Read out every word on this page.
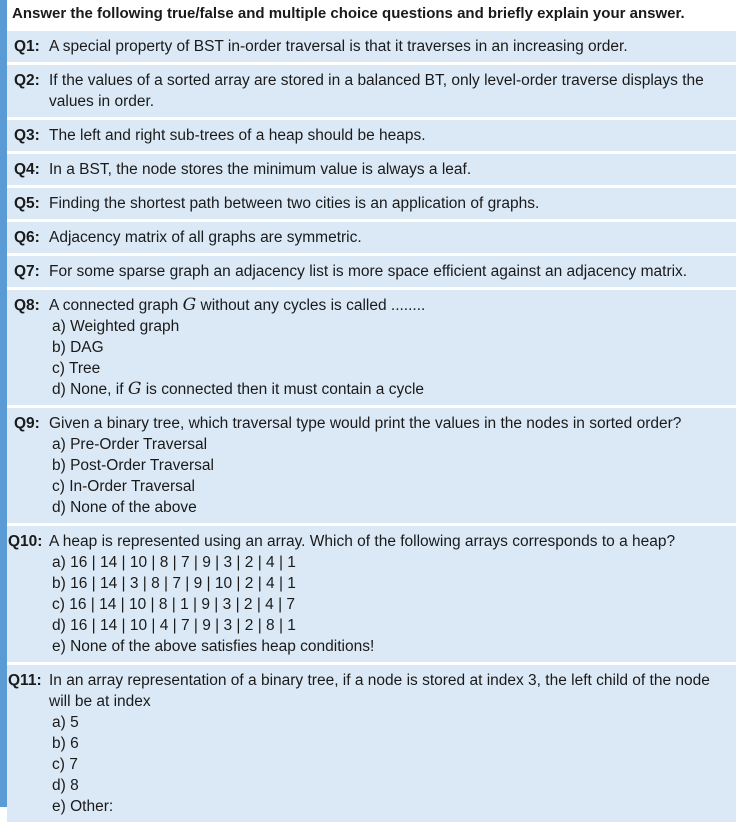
Answer the following true/false and multiple choice questions and briefly explain your answer.
Q1: A special property of BST in-order traversal is that it traverses in an increasing order.
Q2: If the values of a sorted array are stored in a balanced BT, only level-order traverse displays the values in order.
Q3: The left and right sub-trees of a heap should be heaps.
Q4: In a BST, the node stores the minimum value is always a leaf.
Q5: Finding the shortest path between two cities is an application of graphs.
Q6: Adjacency matrix of all graphs are symmetric.
Q7: For some sparse graph an adjacency list is more space efficient against an adjacency matrix.
Q8: A connected graph G without any cycles is called ........
a) Weighted graph
b) DAG
c) Tree
d) None, if G is connected then it must contain a cycle
Q9: Given a binary tree, which traversal type would print the values in the nodes in sorted order?
a) Pre-Order Traversal
b) Post-Order Traversal
c) In-Order Traversal
d) None of the above
Q10: A heap is represented using an array. Which of the following arrays corresponds to a heap?
a) 16 | 14 | 10 | 8 | 7 | 9 | 3 | 2 | 4 | 1
b) 16 | 14 | 3 | 8 | 7 | 9 | 10 | 2 | 4 | 1
c) 16 | 14 | 10 | 8 | 1 | 9 | 3 | 2 | 4 | 7
d) 16 | 14 | 10 | 4 | 7 | 9 | 3 | 2 | 8 | 1
e) None of the above satisfies heap conditions!
Q11: In an array representation of a binary tree, if a node is stored at index 3, the left child of the node will be at index
a) 5
b) 6
c) 7
d) 8
e) Other:
